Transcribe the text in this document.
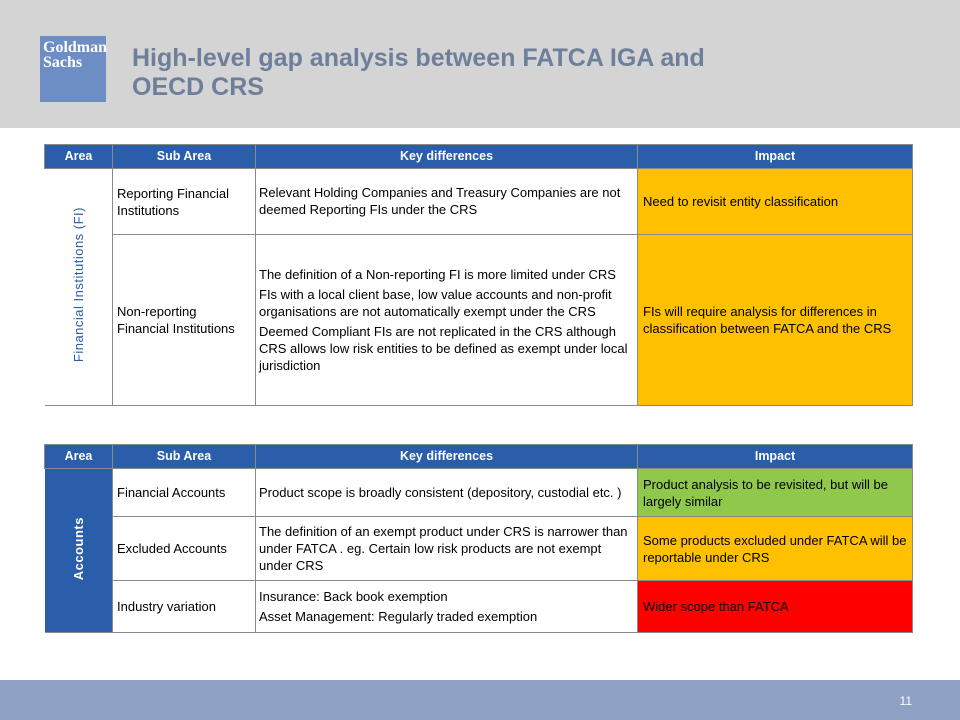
Goldman
Sachs	High-level gap analysis between FATCA IGA and
OECD CRS
Area	Sub Area	Key differences	Impact
Financial Institutions (FI)	Reporting Financial Institutions	Relevant Holding Companies and Treasury Companies are not deemed Reporting FIs under the CRS	Need to revisit entity classification
	Non-reporting Financial Institutions	The definition of a Non-reporting FI is more limited under CRS

FIs with a local client base, low value accounts and non-profit organisations are not automatically exempt under the CRS

Deemed Compliant FIs are not replicated in the CRS although CRS allows low risk entities to be defined as exempt under local jurisdiction	FIs will require analysis for differences in classification between FATCA and the CRS
Area	Sub Area	Key differences	Impact
Accounts	Financial Accounts	Product scope is broadly consistent (depository, custodial etc. )	Product analysis to be revisited, but will be largely similar
	Excluded Accounts	The definition of an exempt product under CRS is narrower than under FATCA . eg. Certain low risk products are not exempt under CRS	Some products excluded under FATCA will be reportable under CRS
	Industry variation	Insurance: Back book exemption

Asset Management: Regularly traded exemption	Wider scope than FATCA
11
